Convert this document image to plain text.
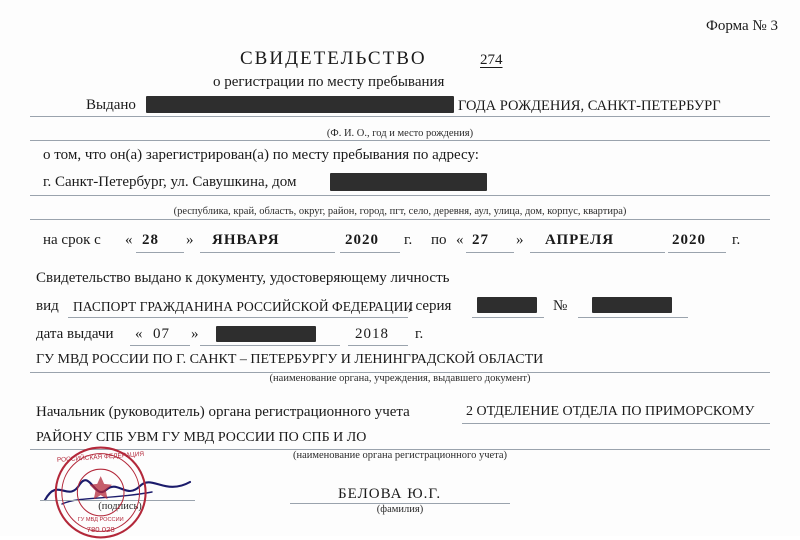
Форма № 3
СВИДЕТЕЛЬСТВО	274
о регистрации по месту пребывания
Выдано	ГОДА РОЖДЕНИЯ, САНКТ-ПЕТЕРБУРГ
(Ф. И. О., год и место рождения)
о том, что он(а) зарегистрирован(а) по месту пребывания по адресу:
г. Санкт-Петербург, ул. Савушкина, дом
(республика, край, область, округ, район, город, пгт, село, деревня, аул, улица, дом, корпус, квартира)
на срок с « 28 » ЯНВАРЯ	2020 г. по « 27 » АПРЕЛЯ	2020 г.
Свидетельство выдано к документу, удостоверяющему личность
вид ПАСПОРТ ГРАЖДАНИНА РОССИЙСКОЙ ФЕДЕРАЦИИ
, серия	№
дата выдачи « 07 »	2018 г.
ГУ МВД РОССИИ ПО Г. САНКТ – ПЕТЕРБУРГУ И ЛЕНИНГРАДСКОЙ ОБЛАСТИ
(наименование органа, учреждения, выдавшего документ)
Начальник (руководитель) органа регистрационного учета	2 ОТДЕЛЕНИЕ ОТДЕЛА ПО ПРИМОРСКОМУ
РАЙОНУ СПБ УВМ ГУ МВД РОССИИ ПО СПБ И ЛО
(наименование органа регистрационного учета)
(подпись)
БЕЛОВА Ю.Г.
(фамилия)
РОССИЙСКАЯ ФЕДЕРАЦИЯ
780 028
ГУ МВД РОССИИ
